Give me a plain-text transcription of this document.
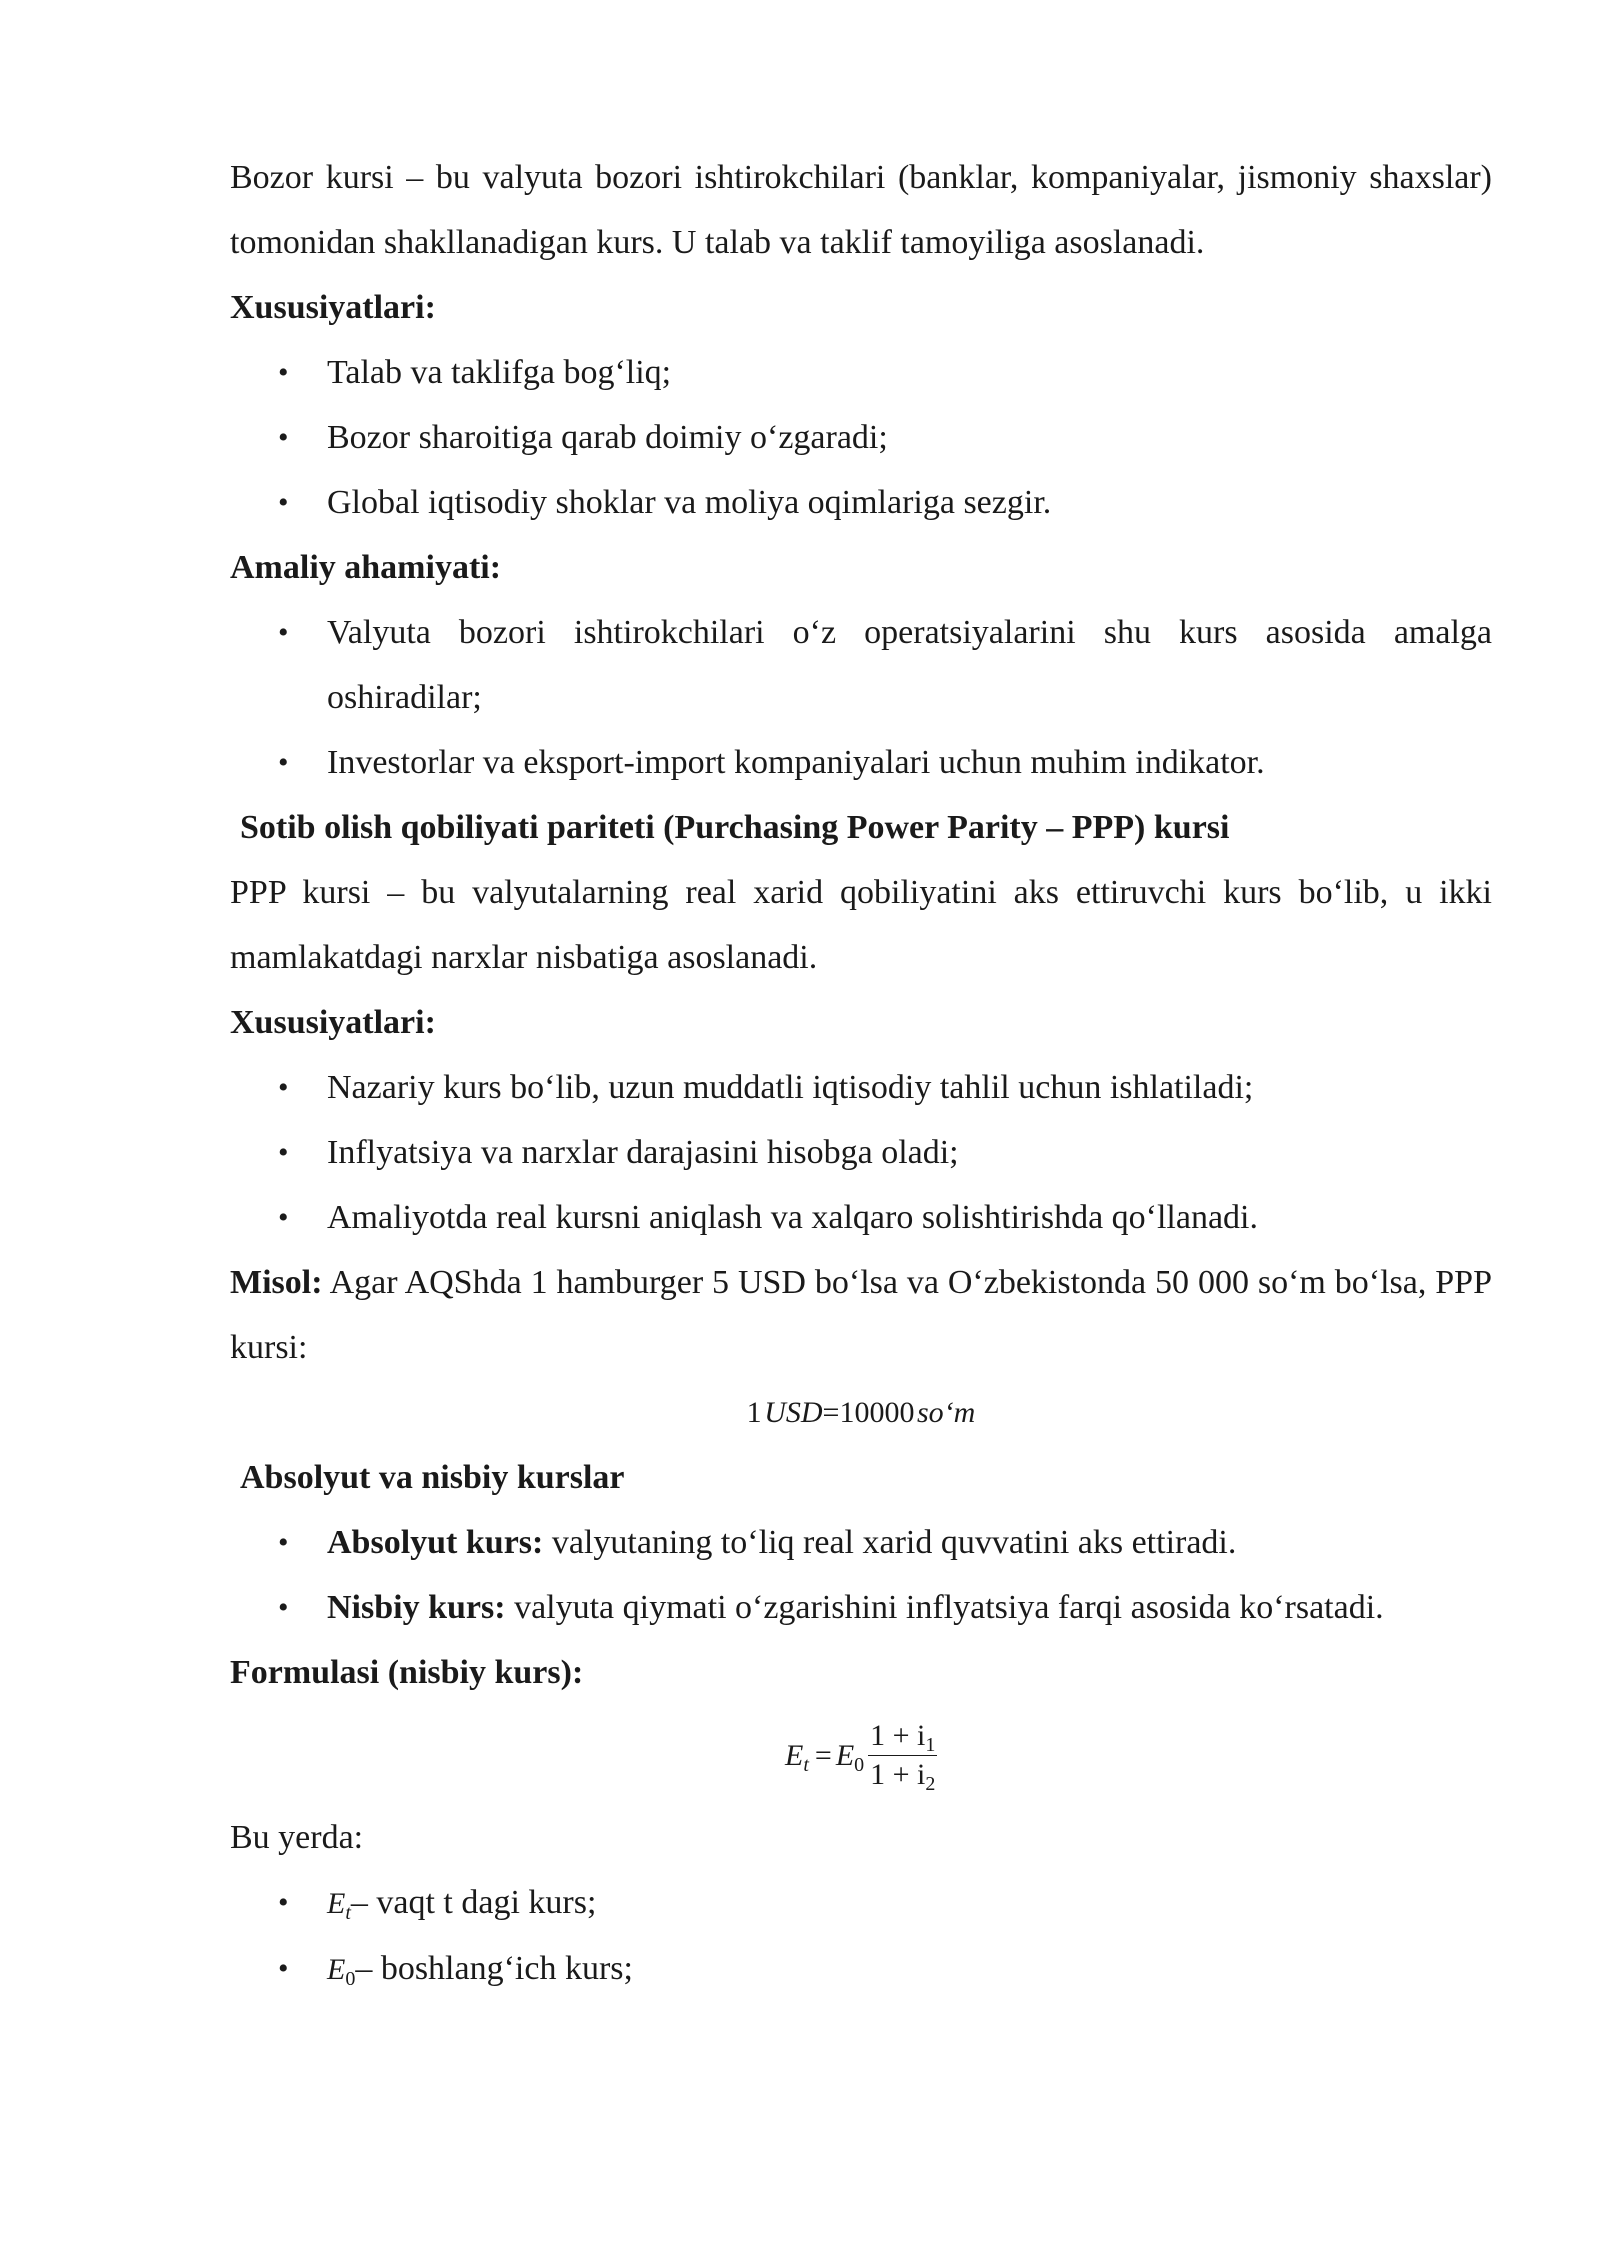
Bozor kursi – bu valyuta bozori ishtirokchilari (banklar, kompaniyalar, jismoniy shaxslar) tomonidan shakllanadigan kurs. U talab va taklif tamoyiliga asoslanadi.

Xususiyatlari:

• Talab va taklifga bog‘liq;
• Bozor sharoitiga qarab doimiy o‘zgaradi;
• Global iqtisodiy shoklar va moliya oqimlariga sezgir.

Amaliy ahamiyati:

• Valyuta bozori ishtirokchilari o‘z operatsiyalarini shu kurs asosida amalga oshiradilar;
• Investorlar va eksport-import kompaniyalari uchun muhim indikator.

Sotib olish qobiliyati pariteti (Purchasing Power Parity – PPP) kursi

PPP kursi – bu valyutalarning real xarid qobiliyatini aks ettiruvchi kurs bo‘lib, u ikki mamlakatdagi narxlar nisbatiga asoslanadi.

Xususiyatlari:

• Nazariy kurs bo‘lib, uzun muddatli iqtisodiy tahlil uchun ishlatiladi;
• Inflyatsiya va narxlar darajasini hisobga oladi;
• Amaliyotda real kursni aniqlash va xalqaro solishtirishda qo‘llanadi.

Misol: Agar AQShda 1 hamburger 5 USD bo‘lsa va O‘zbekistonda 50 000 so‘m bo‘lsa, PPP kursi:

1 USD=10000 so‘m

Absolyut va nisbiy kurslar

• Absolyut kurs: valyutaning to‘liq real xarid quvvatini aks ettiradi.
• Nisbiy kurs: valyuta qiymati o‘zgarishini inflyatsiya farqi asosida ko‘rsatadi.

Formulasi (nisbiy kurs):

$E_t = E_0 \frac{1 + i_1}{1 + i_2}$

Bu yerda:

• $E_t-$ vaqt t dagi kurs;
• $E_0-$ boshlang‘ich kurs;
